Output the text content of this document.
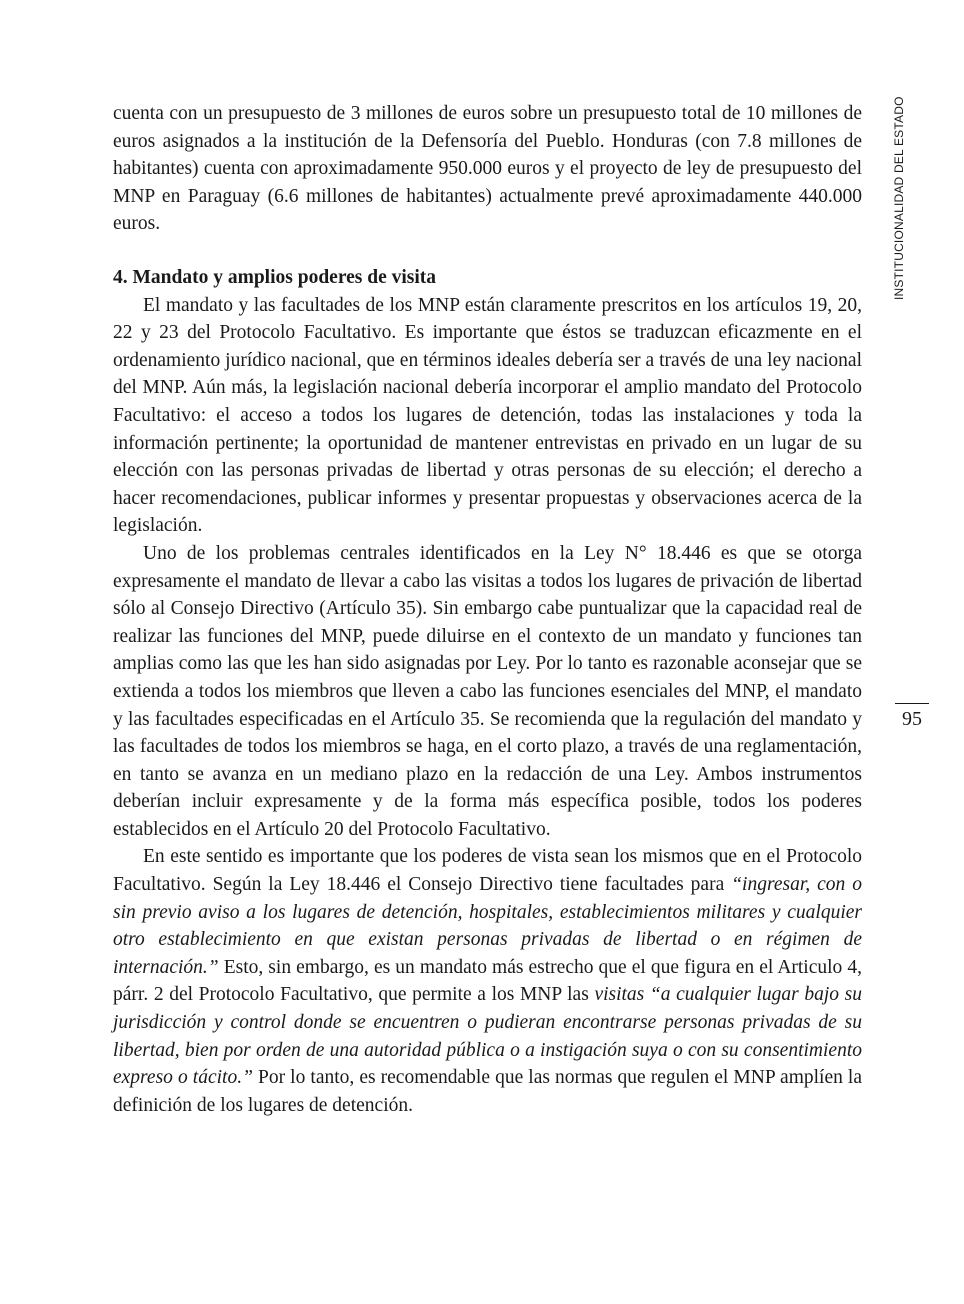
cuenta con un presupuesto de 3 millones de euros sobre un presupuesto total de 10 millones de euros asignados a la institución de la Defensoría del Pueblo. Honduras (con 7.8 millones de habitantes) cuenta con aproximadamente 950.000 euros y el proyecto de ley de presupuesto del MNP en Paraguay (6.6 millones de habitantes) actualmente prevé aproximadamente 440.000 euros.

4. Mandato y amplios poderes de visita

El mandato y las facultades de los MNP están claramente prescritos en los artículos 19, 20, 22 y 23 del Protocolo Facultativo. Es importante que éstos se traduzcan eficazmente en el ordenamiento jurídico nacional, que en términos ideales debería ser a través de una ley nacional del MNP. Aún más, la legislación nacional debería incorporar el amplio mandato del Protocolo Facultativo: el acceso a todos los lugares de detención, todas las instalaciones y toda la información pertinente; la oportunidad de mantener entrevistas en privado en un lugar de su elección con las personas privadas de libertad y otras personas de su elección; el derecho a hacer recomendaciones, publicar informes y presentar propuestas y observaciones acerca de la legislación.

Uno de los problemas centrales identificados en la Ley N° 18.446 es que se otorga expresamente el mandato de llevar a cabo las visitas a todos los lugares de privación de libertad sólo al Consejo Directivo (Artículo 35). Sin embargo cabe puntualizar que la capacidad real de realizar las funciones del MNP, puede diluirse en el contexto de un mandato y funciones tan amplias como las que les han sido asignadas por Ley. Por lo tanto es razonable aconsejar que se extienda a todos los miembros que lleven a cabo las funciones esenciales del MNP, el mandato y las facultades especificadas en el Artículo 35. Se recomienda que la regulación del mandato y las facultades de todos los miembros se haga, en el corto plazo, a través de una reglamentación, en tanto se avanza en un mediano plazo en la redacción de una Ley. Ambos instrumentos deberían incluir expresamente y de la forma más específica posible, todos los poderes establecidos en el Artículo 20 del Protocolo Facultativo.

En este sentido es importante que los poderes de vista sean los mismos que en el Protocolo Facultativo. Según la Ley 18.446 el Consejo Directivo tiene facultades para “ingresar, con o sin previo aviso a los lugares de detención, hospitales, establecimientos militares y cualquier otro establecimiento en que existan personas privadas de libertad o en régimen de internación.” Esto, sin embargo, es un mandato más estrecho que el que figura en el Articulo 4, párr. 2 del Protocolo Facultativo, que permite a los MNP las visitas “a cualquier lugar bajo su jurisdicción y control donde se encuentren o pudieran encontrarse personas privadas de su libertad, bien por orden de una autoridad pública o a instigación suya o con su consentimiento expreso o tácito.” Por lo tanto, es recomendable que las normas que regulen el MNP amplíen la definición de los lugares de detención.

INSTITUCIONALIDAD DEL ESTADO
95
